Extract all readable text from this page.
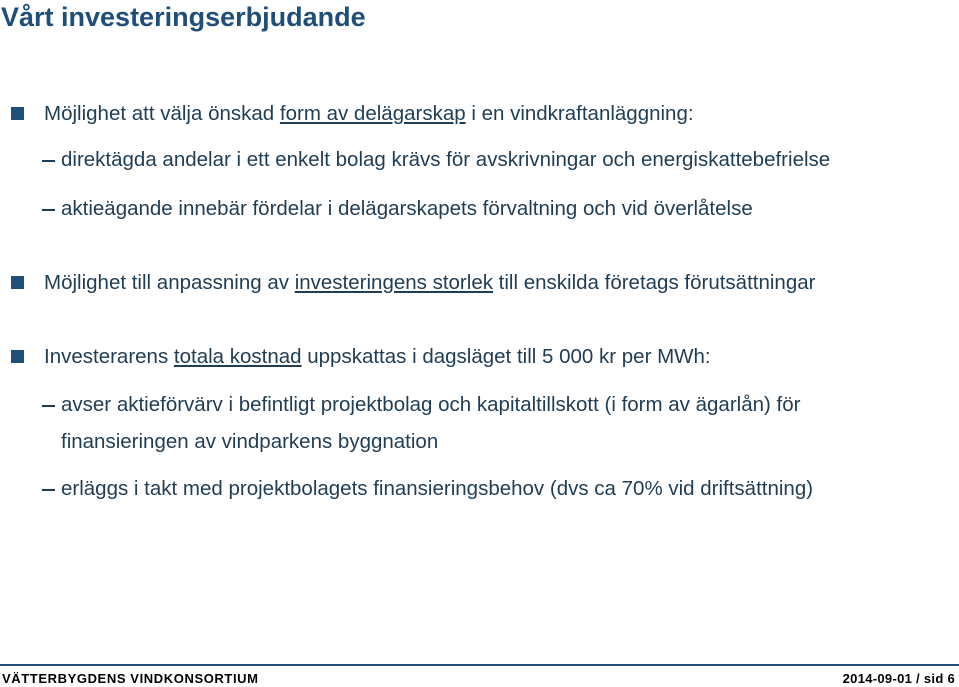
Vårt investeringserbjudande
Möjlighet att välja önskad form av delägarskap i en vindkraftanläggning:
direktägda andelar i ett enkelt bolag krävs för avskrivningar och energiskattebefrielse
aktieägande innebär fördelar i delägarskapets förvaltning och vid överlåtelse
Möjlighet till anpassning av investeringens storlek till enskilda företags förutsättningar
Investerarens totala kostnad uppskattas i dagsläget till 5 000 kr per MWh:
avser aktieförvärv i befintligt projektbolag och kapitaltillskott (i form av ägarlån) för
finansieringen av vindparkens byggnation
erläggs i takt med projektbolagets finansieringsbehov (dvs ca 70% vid driftsättning)
VÄTTERBYGDENS VINDKONSORTIUM	2014-09-01 / sid 6
